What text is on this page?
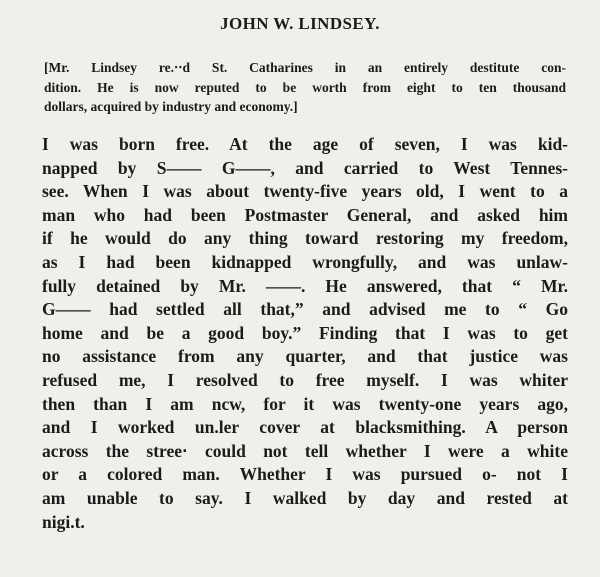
JOHN W. LINDSEY.
[Mr. Lindsey re.‧‧d St. Catharines in an entirely destitute con-
dition. He is now reputed to be worth from eight to ten thousand
dollars, acquired by industry and economy.]
I was born free. At the age of seven, I was kid-
napped by S—— G——, and carried to West Tennes-
see. When I was about twenty-five years old, I went to a
man who had been Postmaster General, and asked him
if he would do any thing toward restoring my freedom,
as I had been kidnapped wrongfully, and was unlaw-
fully detained by Mr. ——. He answered, that “ Mr.
G—— had settled all that,” and advised me to “ Go
home and be a good boy.” Finding that I was to get
no assistance from any quarter, and that justice was
refused me, I resolved to free myself. I was whiter
then than I am ncw, for it was twenty-one years ago,
and I worked un.ler cover at blacksmithing. A person
across the stree‧ could not tell whether I were a white
or a colored man. Whether I was pursued o‑ not I
am unable to say. I walked by day and rested at
nigi.t.
